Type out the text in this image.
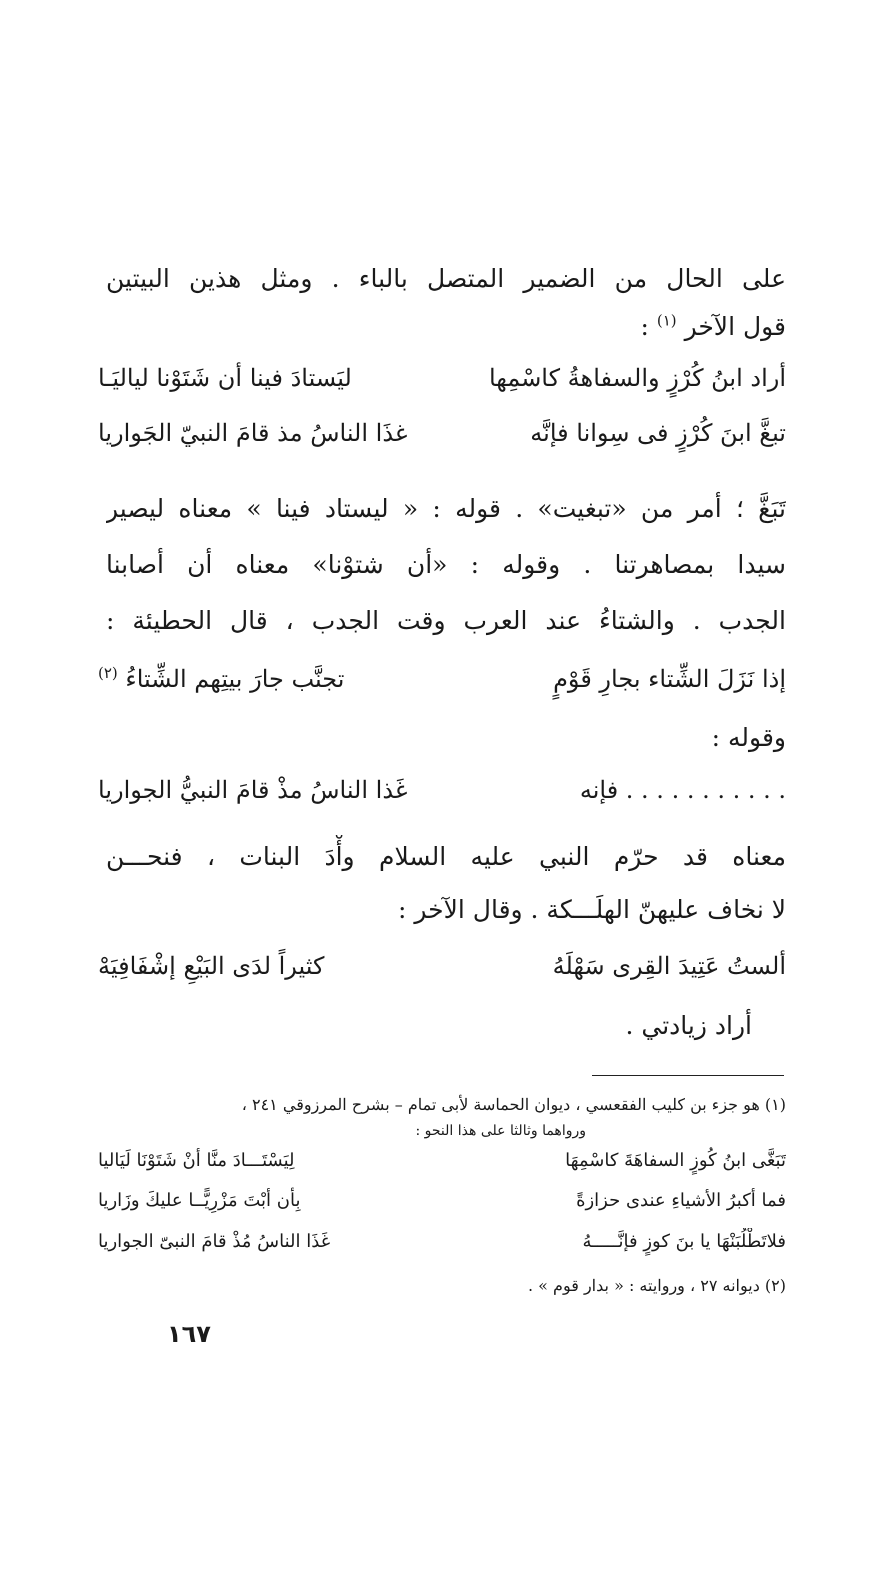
على الحال من الضمير المتصل بالباء . ومثل هذين البيتين
قول الآخر $^{(١)}$ :
أراد ابنُ كُرْزٍ والسفاهةُ كاسْمِها
ليَستادَ فينا أن شَتَوْنا لياليَـا
تبغَّ ابنَ كُرْزٍ فى سِوانا فإنَّه
غذَا الناسُ مذ قامَ النبيّ الجَواريا
تَبَغَّ ؛ أمر من «تبغيت» . قوله : « ليستاد فينا » معناه ليصير
سيدا بمصاهرتنا . وقوله : «أن شتوْنا» معناه أن أصابنا
الجدب . والشتاءُ عند العرب وقت الجدب ، قال الحطيئة :
إذا نَزَلَ الشِّتاء بجارِ قَوْمٍ
تجنَّب جارَ بيتِهم الشِّتاءُ (٢)
وقوله :
. . . . . . . . . . . فإنه
غَذا الناسُ مذْ قامَ النبيُّ الجواريا
معناه قد حرّم النبي عليه السلام وأْدَ البنات ، فنحـــن
لا نخاف عليهنّ الهلَـــكة . وقال الآخر :
ألستُ عَتِيدَ القِرى سَهْلَهُ
كثيراً لدَى البَيْعِ إشْفَافِيَهْ
أراد زيادتي .
(١) هو جزء بن كليب الفقعسي ، ديوان الحماسة لأبى تمام – بشرح المرزوقي ٢٤١ ،
ورواهما وثالثا على هذا النحو :
تَبَغَّى ابنُ كُوزٍ السفاهَةَ كاسْمِهَا
لِيَسْتَـــادَ منَّا أنْ شَتَوْنَا لَيَاليا
فما أكبرُ الأشياءِ عندى حزازةً
بِأن أبْتَ مَزْرِيًّــا عليكَ وزَاريا
فلاتَطْلُبَنْهَا يا بنَ كوزٍ فإنَّـــــهُ
غَذَا الناسُ مُذْ قامَ النبىّ الجواريا
(٢) ديوانه ٢٧ ، وروايته : « بدار قوم » .
١٦٧
